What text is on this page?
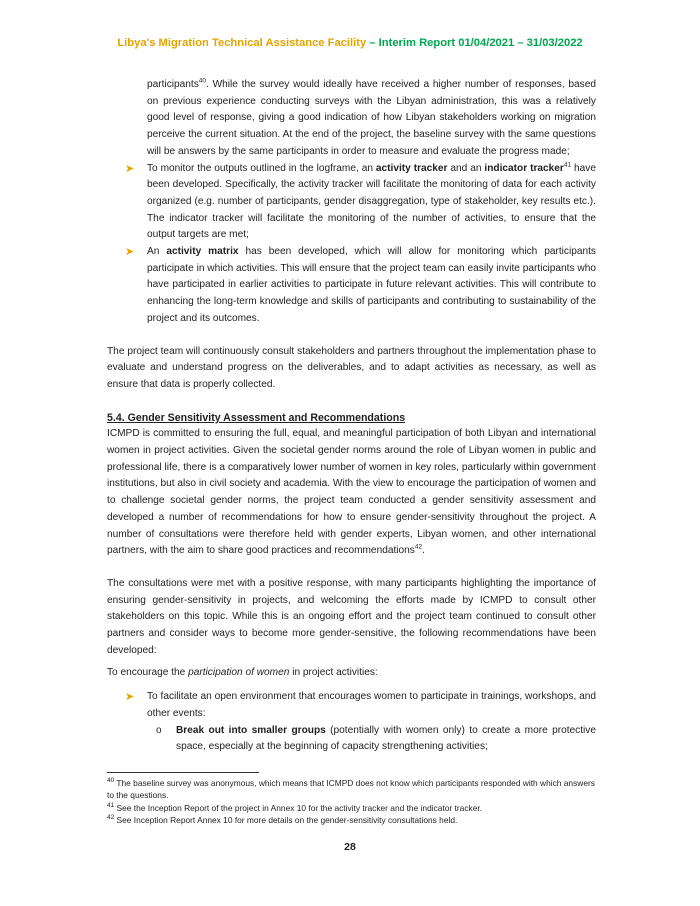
Libya's Migration Technical Assistance Facility – Interim Report 01/04/2021 – 31/03/2022

participants$^{40}$. While the survey would ideally have received a higher number of responses, based on previous experience conducting surveys with the Libyan administration, this was a relatively good level of response, giving a good indication of how Libyan stakeholders working on migration perceive the current situation. At the end of the project, the baseline survey with the same questions will be answers by the same participants in order to measure and evaluate the progress made;

➤ To monitor the outputs outlined in the logframe, an activity tracker and an indicator tracker$^{41}$ have been developed. Specifically, the activity tracker will facilitate the monitoring of data for each activity organized (e.g. number of participants, gender disaggregation, type of stakeholder, key results etc.). The indicator tracker will facilitate the monitoring of the number of activities, to ensure that the output targets are met;

➤ An activity matrix has been developed, which will allow for monitoring which participants participate in which activities. This will ensure that the project team can easily invite participants who have participated in earlier activities to participate in future relevant activities. This will contribute to enhancing the long-term knowledge and skills of participants and contributing to sustainability of the project and its outcomes.

The project team will continuously consult stakeholders and partners throughout the implementation phase to evaluate and understand progress on the deliverables, and to adapt activities as necessary, as well as ensure that data is properly collected.

5.4. Gender Sensitivity Assessment and Recommendations

ICMPD is committed to ensuring the full, equal, and meaningful participation of both Libyan and international women in project activities. Given the societal gender norms around the role of Libyan women in public and professional life, there is a comparatively lower number of women in key roles, particularly within government institutions, but also in civil society and academia. With the view to encourage the participation of women and to challenge societal gender norms, the project team conducted a gender sensitivity assessment and developed a number of recommendations for how to ensure gender-sensitivity throughout the project. A number of consultations were therefore held with gender experts, Libyan women, and other international partners, with the aim to share good practices and recommendations$^{42}$.

The consultations were met with a positive response, with many participants highlighting the importance of ensuring gender-sensitivity in projects, and welcoming the efforts made by ICMPD to consult other stakeholders on this topic. While this is an ongoing effort and the project team continued to consult other partners and consider ways to become more gender-sensitive, the following recommendations have been developed:

To encourage the participation of women in project activities:

➤ To facilitate an open environment that encourages women to participate in trainings, workshops, and other events:

o Break out into smaller groups (potentially with women only) to create a more protective space, especially at the beginning of capacity strengthening activities;

$^{40}$ The baseline survey was anonymous, which means that ICMPD does not know which participants responded with which answers to the questions.

$^{41}$ See the Inception Report of the project in Annex 10 for the activity tracker and the indicator tracker.

$^{42}$ See Inception Report Annex 10 for more details on the gender-sensitivity consultations held.

28
